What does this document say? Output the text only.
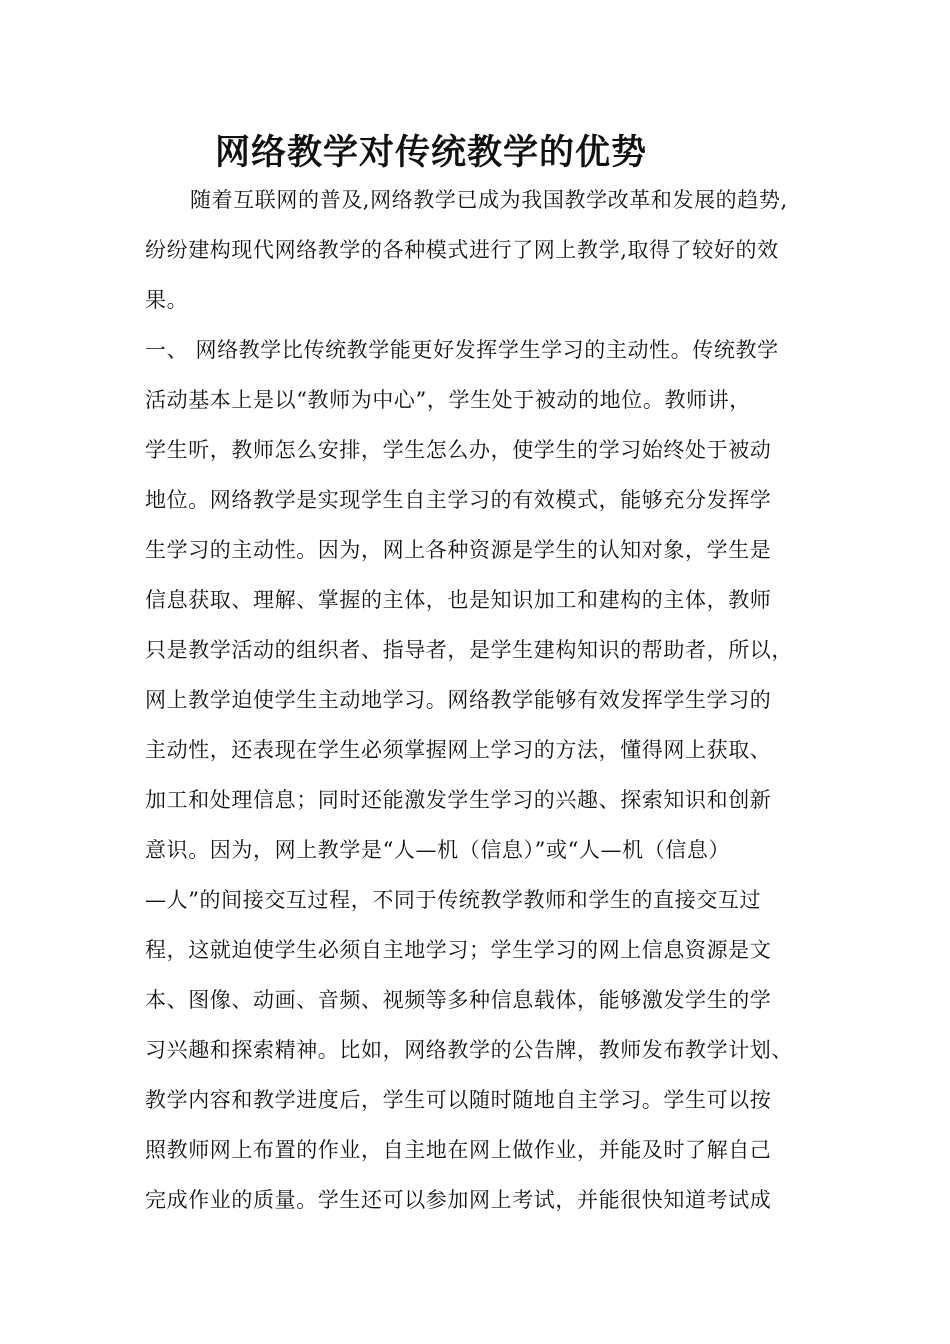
网络教学对传统教学的优势
随着互联网的普及,网络教学已成为我国教学改革和发展的趋势,
纷纷建构现代网络教学的各种模式进行了网上教学,取得了较好的效
果。
一、 网络教学比传统教学能更好发挥学生学习的主动性。传统教学
活动基本上是以“教师为中心”，学生处于被动的地位。教师讲，
学生听，教师怎么安排，学生怎么办，使学生的学习始终处于被动
地位。网络教学是实现学生自主学习的有效模式，能够充分发挥学
生学习的主动性。因为，网上各种资源是学生的认知对象，学生是
信息获取、理解、掌握的主体，也是知识加工和建构的主体，教师
只是教学活动的组织者、指导者，是学生建构知识的帮助者，所以，
网上教学迫使学生主动地学习。网络教学能够有效发挥学生学习的
主动性，还表现在学生必须掌握网上学习的方法，懂得网上获取、
加工和处理信息；同时还能激发学生学习的兴趣、探索知识和创新
意识。因为，网上教学是“人—机（信息）”或“人—机（信息）
—人”的间接交互过程，不同于传统教学教师和学生的直接交互过
程，这就迫使学生必须自主地学习；学生学习的网上信息资源是文
本、图像、动画、音频、视频等多种信息载体，能够激发学生的学
习兴趣和探索精神。比如，网络教学的公告牌，教师发布教学计划、
教学内容和教学进度后，学生可以随时随地自主学习。学生可以按
照教师网上布置的作业，自主地在网上做作业，并能及时了解自己
完成作业的质量。学生还可以参加网上考试，并能很快知道考试成
